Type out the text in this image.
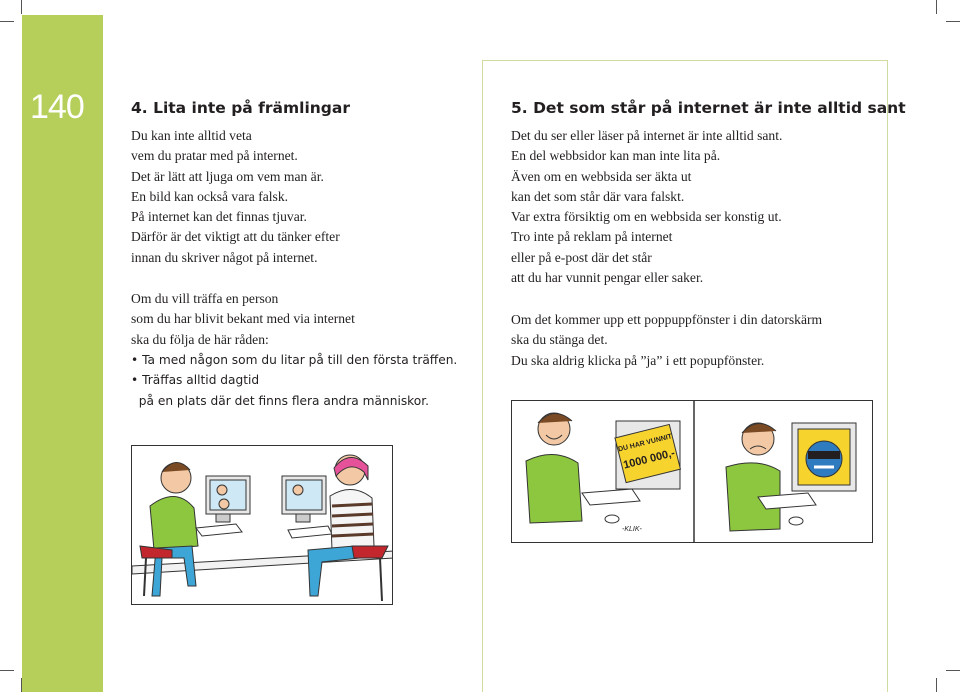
140	4. Lita inte på främlingar
Du kan inte alltid veta
vem du pratar med på internet.
Det är lätt att ljuga om vem man är.
En bild kan också vara falsk.
På internet kan det finnas tjuvar.
Därför är det viktigt att du tänker efter
innan du skriver något på internet.
Om du vill träffa en person
som du har blivit bekant med via internet
ska du följa de här råden:
• Ta med någon som du litar på till den första träffen.
• Träffas alltid dagtid
på en plats där det finns flera andra människor.
5. Det som står på internet är inte alltid sant
Det du ser eller läser på internet är inte alltid sant.
En del webbsidor kan man inte lita på.
Även om en webbsida ser äkta ut
kan det som står där vara falskt.
Var extra försiktig om en webbsida ser konstig ut.
Tro inte på reklam på internet
eller på e-post där det står
att du har vunnit pengar eller saker.
Om det kommer upp ett poppuppfönster i din datorskärm
ska du stänga det.
Du ska aldrig klicka på ”ja” i ett popupfönster.
DU HAR VUNNIT
1000 000,-
-KLIK-
